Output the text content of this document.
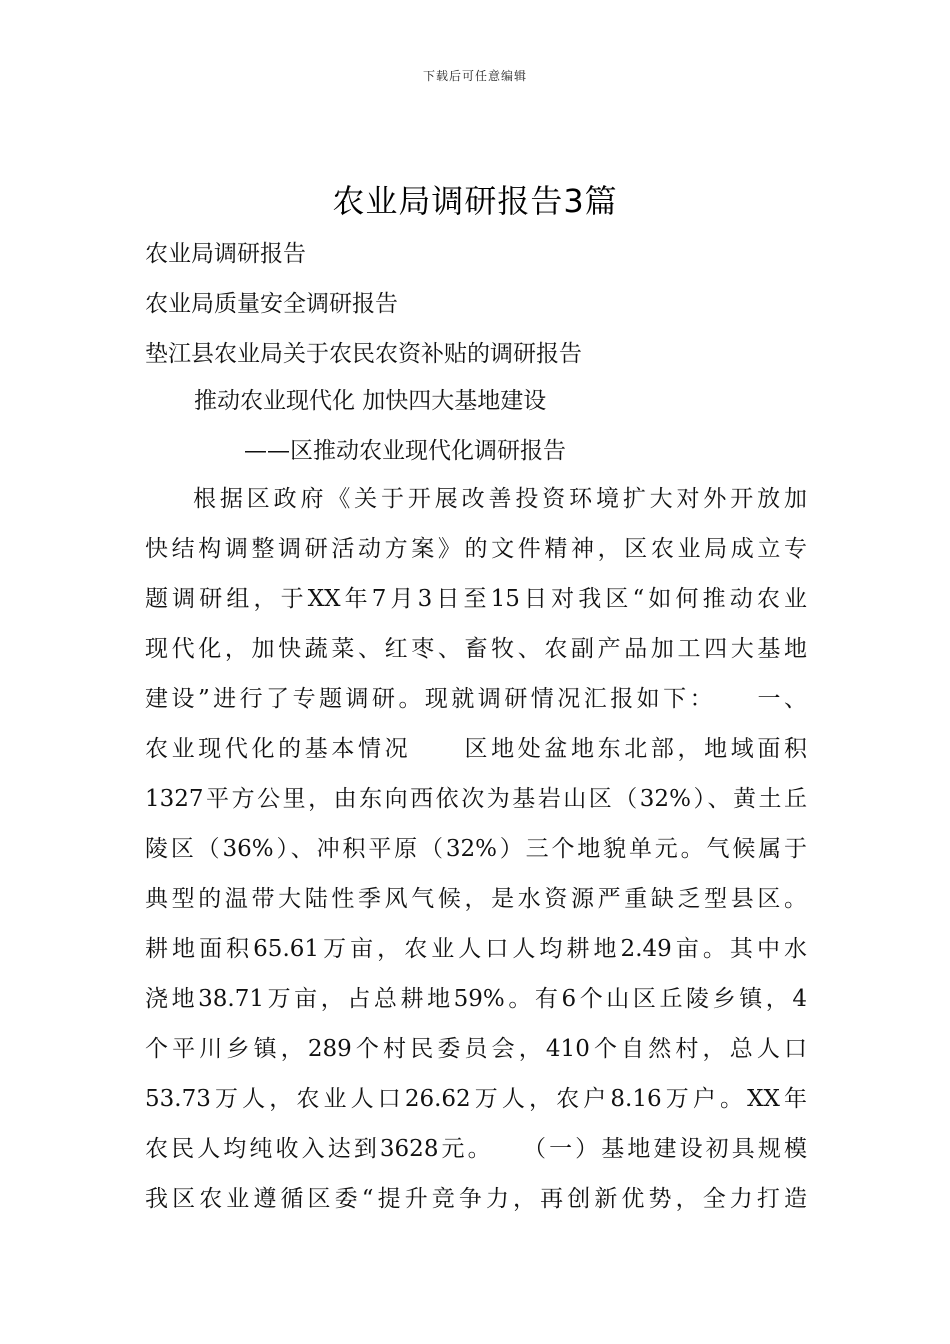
下载后可任意编辑
农业局调研报告3篇
农业局调研报告
农业局质量安全调研报告
垫江县农业局关于农民农资补贴的调研报告
推动农业现代化 加快四大基地建设
——区推动农业现代化调研报告
根据区政府《关于开展改善投资环境扩大对外开放加
快结构调整调研活动方案》的文件精神，区农业局成立专
题调研组，于XX年7月3日至15日对我区“如何推动农业
现代化，加快蔬菜、红枣、畜牧、农副产品加工四大基地
建设”进行了专题调研。现就调研情况汇报如下：　　一、
农业现代化的基本情况　　区地处盆地东北部，地域面积
1327平方公里，由东向西依次为基岩山区（32%）、黄土丘
陵区（36%）、冲积平原（32%）三个地貌单元。气候属于
典型的温带大陆性季风气候，是水资源严重缺乏型县区。
耕地面积65.61万亩，农业人口人均耕地2.49亩。其中水
浇地38.71万亩，占总耕地59%。有6个山区丘陵乡镇，4
个平川乡镇，289个村民委员会，410个自然村，总人口
53.73万人，农业人口26.62万人，农户8.16万户。XX年
农民人均纯收入达到3628元。　　（一）基地建设初具规模
我区农业遵循区委“提升竞争力，再创新优势，全力打造
